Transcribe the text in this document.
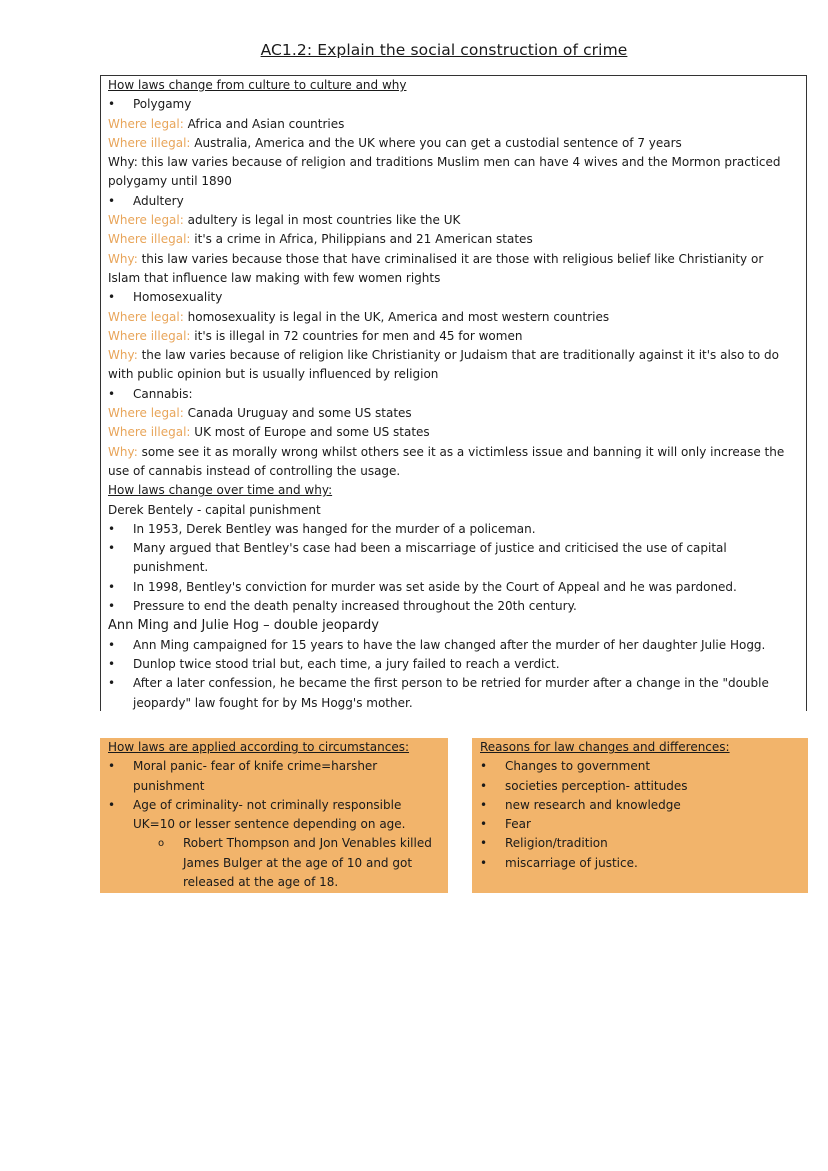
AC1.2: Explain the social construction of crime
How laws change from culture to culture and why
• Polygamy
Where legal: Africa and Asian countries
Where illegal: Australia, America and the UK where you can get a custodial sentence of 7 years
Why: this law varies because of religion and traditions Muslim men can have 4 wives and the Mormon practiced
polygamy until 1890
• Adultery
Where legal: adultery is legal in most countries like the UK
Where illegal: it's a crime in Africa, Philippians and 21 American states
Why: this law varies because those that have criminalised it are those with religious belief like Christianity or
Islam that influence law making with few women rights
• Homosexuality
Where legal: homosexuality is legal in the UK, America and most western countries
Where illegal: it's is illegal in 72 countries for men and 45 for women
Why: the law varies because of religion like Christianity or Judaism that are traditionally against it it's also to do
with public opinion but is usually influenced by religion
• Cannabis:
Where legal: Canada Uruguay and some US states
Where illegal: UK most of Europe and some US states
Why: some see it as morally wrong whilst others see it as a victimless issue and banning it will only increase the
use of cannabis instead of controlling the usage.
How laws change over time and why:
Derek Bentely - capital punishment
• In 1953, Derek Bentley was hanged for the murder of a policeman.
• Many argued that Bentley's case had been a miscarriage of justice and criticised the use of capital
punishment.
• In 1998, Bentley's conviction for murder was set aside by the Court of Appeal and he was pardoned.
• Pressure to end the death penalty increased throughout the 20th century.
Ann Ming and Julie Hog – double jeopardy
• Ann Ming campaigned for 15 years to have the law changed after the murder of her daughter Julie Hogg.
• Dunlop twice stood trial but, each time, a jury failed to reach a verdict.
• After a later confession, he became the first person to be retried for murder after a change in the "double
jeopardy" law fought for by Ms Hogg's mother.
How laws are applied according to circumstances:
• Moral panic- fear of knife crime=harsher
punishment
• Age of criminality- not criminally responsible
UK=10 or lesser sentence depending on age.
o Robert Thompson and Jon Venables killed
James Bulger at the age of 10 and got
released at the age of 18.
Reasons for law changes and differences:
• Changes to government
• societies perception- attitudes
• new research and knowledge
• Fear
• Religion/tradition
• miscarriage of justice.
